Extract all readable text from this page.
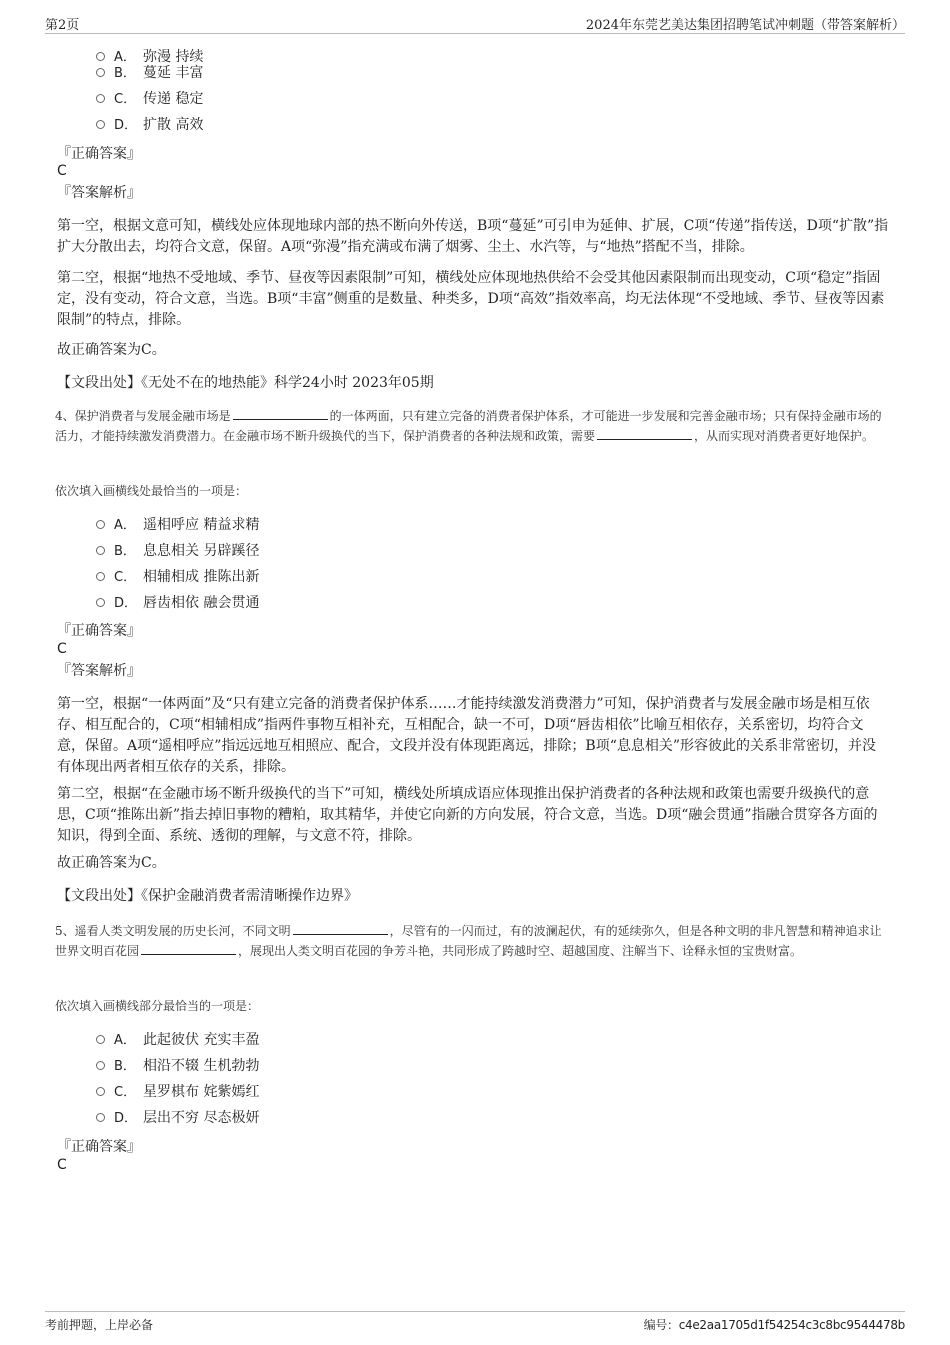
第2页	2024年东莞艺美达集团招聘笔试冲刺题（带答案解析）
A． 弥漫 持续
B． 蔓延 丰富
C． 传递 稳定
D． 扩散 高效
『正确答案』
C
『答案解析』
第一空，根据文意可知，横线处应体现地球内部的热不断向外传送，B项“蔓延”可引申为延伸、扩展，C项“传递”指传送，D项“扩散”指扩大分散出去，均符合文意，保留。A项“弥漫”指充满或布满了烟雾、尘土、水汽等，与“地热”搭配不当，排除。
第二空，根据“地热不受地域、季节、昼夜等因素限制”可知，横线处应体现地热供给不会受其他因素限制而出现变动，C项“稳定”指固定，没有变动，符合文意，当选。B项“丰富”侧重的是数量、种类多，D项“高效”指效率高，均无法体现“不受地域、季节、昼夜等因素限制”的特点，排除。
故正确答案为C。
【文段出处】《无处不在的地热能》科学24小时 2023年05期
4、保护消费者与发展金融市场是	的一体两面，只有建立完备的消费者保护体系，才可能进一步发展和完善金融市场；只有保持金融市场的活力，才能持续激发消费潜力。在金融市场不断升级换代的当下，保护消费者的各种法规和政策，需要	，从而实现对消费者更好地保护。
依次填入画横线处最恰当的一项是：
A． 遥相呼应 精益求精
B． 息息相关 另辟蹊径
C． 相辅相成 推陈出新
D． 唇齿相依 融会贯通
『正确答案』
C
『答案解析』
第一空，根据“一体两面”及“只有建立完备的消费者保护体系……才能持续激发消费潜力”可知，保护消费者与发展金融市场是相互依存、相互配合的，C项“相辅相成”指两件事物互相补充，互相配合，缺一不可，D项“唇齿相依”比喻互相依存，关系密切，均符合文意，保留。A项“遥相呼应”指远远地互相照应、配合，文段并没有体现距离远，排除；B项“息息相关”形容彼此的关系非常密切，并没有体现出两者相互依存的关系，排除。
第二空，根据“在金融市场不断升级换代的当下”可知，横线处所填成语应体现推出保护消费者的各种法规和政策也需要升级换代的意思，C项“推陈出新”指去掉旧事物的糟粕，取其精华，并使它向新的方向发展，符合文意，当选。D项“融会贯通”指融合贯穿各方面的知识，得到全面、系统、透彻的理解，与文意不符，排除。
故正确答案为C。
【文段出处】《保护金融消费者需清晰操作边界》
5、遥看人类文明发展的历史长河，不同文明	，尽管有的一闪而过，有的波澜起伏，有的延续弥久，但是各种文明的非凡智慧和精神追求让世界文明百花园	，展现出人类文明百花园的争芳斗艳，共同形成了跨越时空、超越国度、注解当下、诠释永恒的宝贵财富。
依次填入画横线部分最恰当的一项是：
A． 此起彼伏 充实丰盈
B． 相沿不辍 生机勃勃
C． 星罗棋布 姹紫嫣红
D． 层出不穷 尽态极妍
『正确答案』
C
考前押题，上岸必备	编号：c4e2aa1705d1f54254c3c8bc9544478b
